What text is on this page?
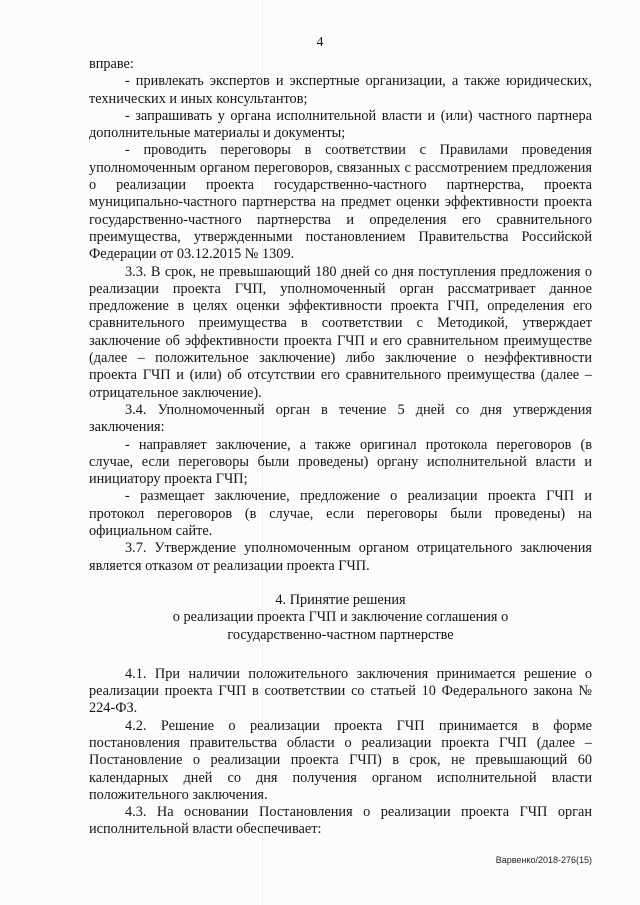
4

вправе:

- привлекать экспертов и экспертные организации, а также юридических, технических и иных консультантов;

- запрашивать у органа исполнительной власти и (или) частного партнера дополнительные материалы и документы;

- проводить переговоры в соответствии с Правилами проведения уполномоченным органом переговоров, связанных с рассмотрением предложения о реализации проекта государственно-частного партнерства, проекта муниципально-частного партнерства на предмет оценки эффективности проекта государственно-частного партнерства и определения его сравнительного преимущества, утвержденными постановлением Правительства Российской Федерации от 03.12.2015 № 1309.

3.3. В срок, не превышающий 180 дней со дня поступления предложения о реализации проекта ГЧП, уполномоченный орган рассматривает данное предложение в целях оценки эффективности проекта ГЧП, определения его сравнительного преимущества в соответствии с Методикой, утверждает заключение об эффективности проекта ГЧП и его сравнительном преимуществе (далее – положительное заключение) либо заключение о неэффективности проекта ГЧП и (или) об отсутствии его сравнительного преимущества (далее – отрицательное заключение).

3.4. Уполномоченный орган в течение 5 дней со дня утверждения заключения:

- направляет заключение, а также оригинал протокола переговоров (в случае, если переговоры были проведены) органу исполнительной власти и инициатору проекта ГЧП;

- размещает заключение, предложение о реализации проекта ГЧП и протокол переговоров (в случае, если переговоры были проведены) на официальном сайте.

3.7. Утверждение уполномоченным органом отрицательного заключения является отказом от реализации проекта ГЧП.

4. Принятие решения

о реализации проекта ГЧП и заключение соглашения о

государственно-частном партнерстве

4.1. При наличии положительного заключения принимается решение о реализации проекта ГЧП в соответствии со статьей 10 Федерального закона № 224-ФЗ.

4.2. Решение о реализации проекта ГЧП принимается в форме постановления правительства области о реализации проекта ГЧП (далее – Постановление о реализации проекта ГЧП) в срок, не превышающий 60 календарных дней со дня получения органом исполнительной власти положительного заключения.

4.3. На основании Постановления о реализации проекта ГЧП орган исполнительной власти обеспечивает:

Варвенко/2018-276(15)
